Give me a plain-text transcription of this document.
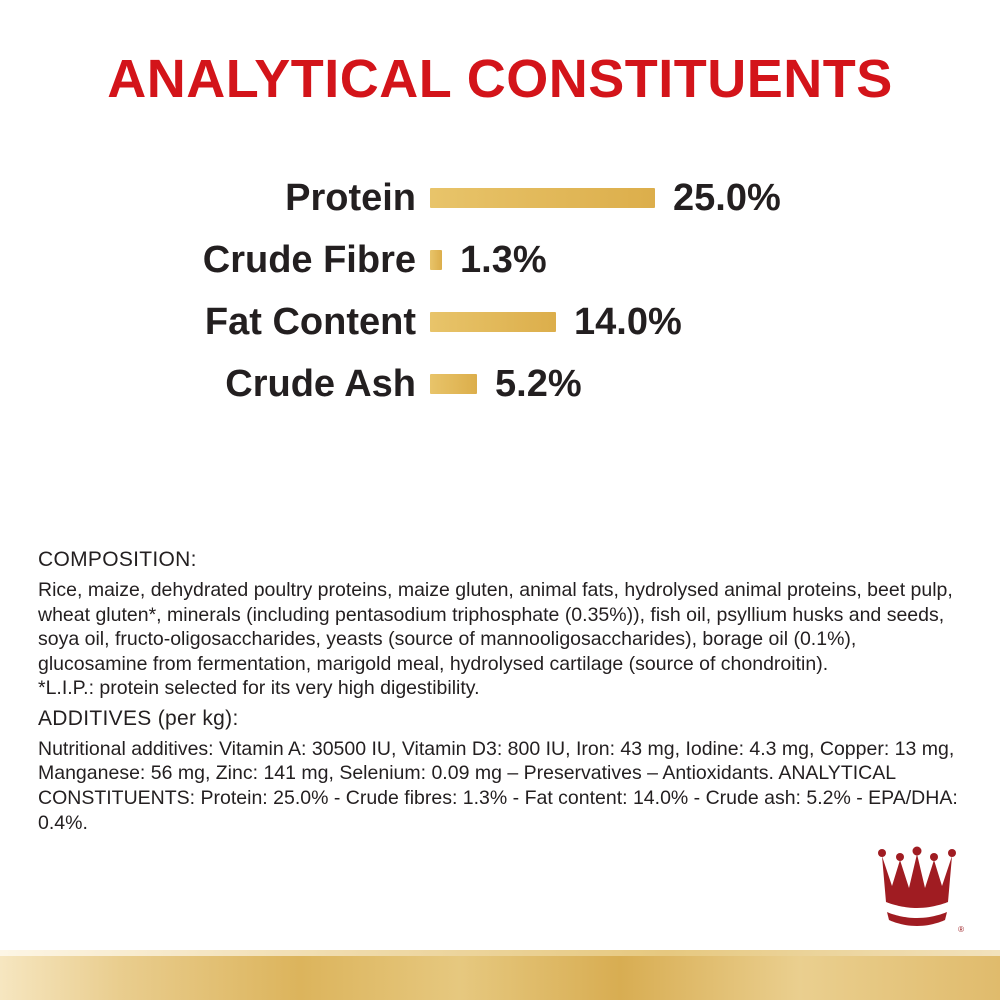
ANALYTICAL CONSTITUENTS
Protein	25.0%
Crude Fibre	1.3%
Fat Content	14.0%
Crude Ash	5.2%
COMPOSITION:
Rice, maize, dehydrated poultry proteins, maize gluten, animal fats, hydrolysed animal proteins, beet pulp, wheat gluten*, minerals (including pentasodium triphosphate (0.35%)), fish oil, psyllium husks and seeds, soya oil, fructo-oligosaccharides, yeasts (source of mannooligosaccharides), borage oil (0.1%), glucosamine from fermentation, marigold meal, hydrolysed cartilage (source of chondroitin).
*L.I.P.: protein selected for its very high digestibility.
ADDITIVES (per kg):
Nutritional additives: Vitamin A: 30500 IU, Vitamin D3: 800 IU, Iron: 43 mg, Iodine: 4.3 mg, Copper: 13 mg, Manganese: 56 mg, Zinc: 141 mg, Selenium: 0.09 mg – Preservatives – Antioxidants. ANALYTICAL CONSTITUENTS: Protein: 25.0% - Crude fibres: 1.3% - Fat content: 14.0% - Crude ash: 5.2% - EPA/DHA: 0.4%.
®
